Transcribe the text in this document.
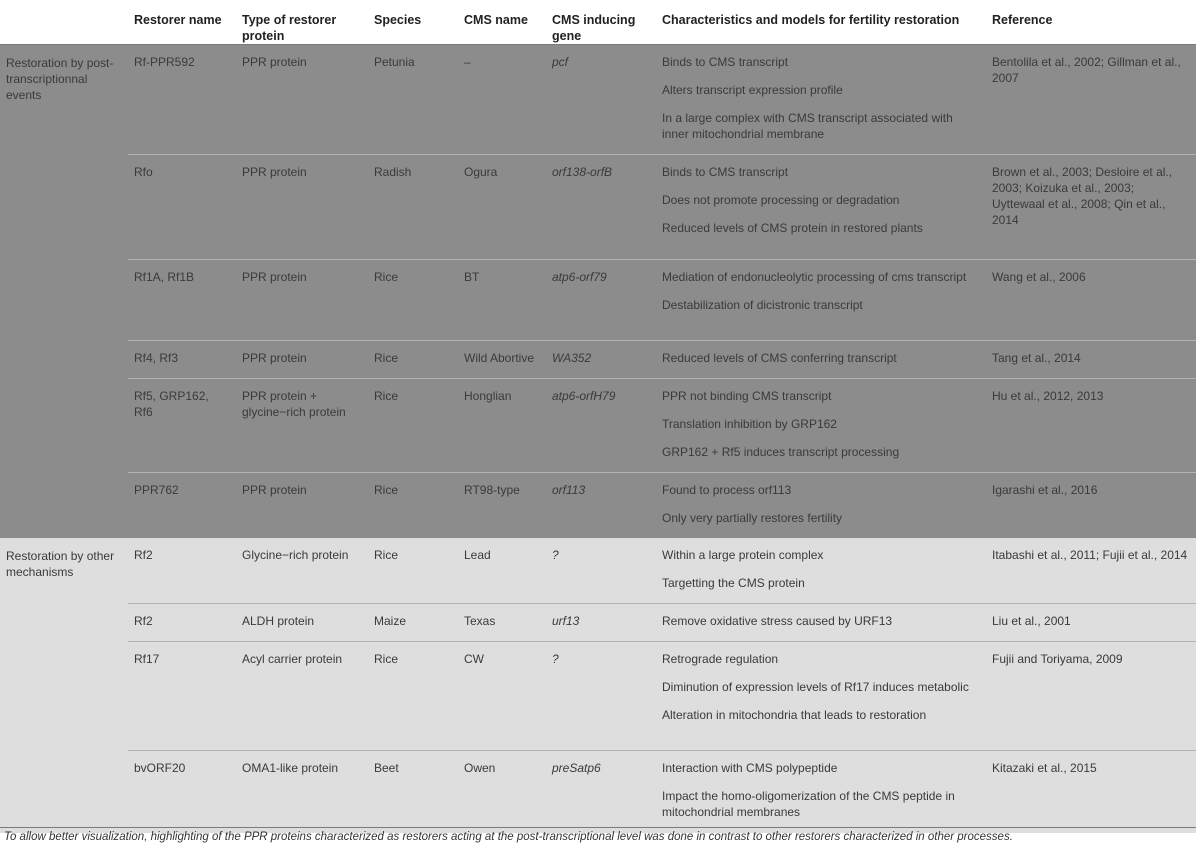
	Restorer name	Type of restorer protein	Species	CMS name	CMS inducing gene	Characteristics and models for fertility restoration	Reference
Restoration by post-transcriptionnal events	Rf-PPR592	PPR protein	Petunia	–	pcf	Binds to CMS transcript
Alters transcript expression profile
In a large complex with CMS transcript associated with inner mitochondrial membrane	Bentolila et al., 2002; Gillman et al., 2007
	Rfo	PPR protein	Radish	Ogura	orf138-orfB	Binds to CMS transcript
Does not promote processing or degradation
Reduced levels of CMS protein in restored plants	Brown et al., 2003; Desloire et al., 2003; Koizuka et al., 2003; Uyttewaal et al., 2008; Qin et al., 2014
	Rf1A, Rf1B	PPR protein	Rice	BT	atp6-orf79	Mediation of endonucleolytic processing of cms transcript
Destabilization of dicistronic transcript	Wang et al., 2006
	Rf4, Rf3	PPR protein	Rice	Wild Abortive	WA352	Reduced levels of CMS conferring transcript	Tang et al., 2014
	Rf5, GRP162, Rf6	PPR protein + glycine−rich protein	Rice	Honglian	atp6-orfH79	PPR not binding CMS transcript
Translation inhibition by GRP162
GRP162 + Rf5 induces transcript processing	Hu et al., 2012, 2013
	PPR762	PPR protein	Rice	RT98-type	orf113	Found to process orf113
Only very partially restores fertility	Igarashi et al., 2016
Restoration by other mechanisms	Rf2	Glycine−rich protein	Rice	Lead	?	Within a large protein complex
Targetting the CMS protein	Itabashi et al., 2011; Fujii et al., 2014
	Rf2	ALDH protein	Maize	Texas	urf13	Remove oxidative stress caused by URF13	Liu et al., 2001
	Rf17	Acyl carrier protein	Rice	CW	?	Retrograde regulation
Diminution of expression levels of Rf17 induces metabolic
Alteration in mitochondria that leads to restoration	Fujii and Toriyama, 2009
	bvORF20	OMA1-like protein	Beet	Owen	preSatp6	Interaction with CMS polypeptide
Impact the homo-oligomerization of the CMS peptide in mitochondrial membranes	Kitazaki et al., 2015
To allow better visualization, highlighting of the PPR proteins characterized as restorers acting at the post-transcriptional level was done in contrast to other restorers characterized in other processes.
